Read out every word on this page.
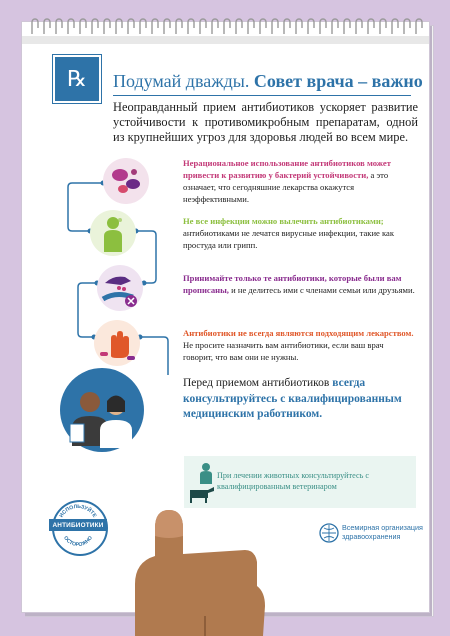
℞ Подумай дважды. Совет врача – важно
Неоправданный прием антибиотиков ускоряет развитие устойчивости к противомикробным препаратам, одной из крупнейших угроз для здоровья людей во всем мире.
Нерациональное использование антибиотиков может привести к развитию у бактерий устойчивости, а это означает, что сегодняшние лекарства окажутся неэффективными.
Не все инфекции можно вылечить антибиотиками; антибиотиками не лечатся вирусные инфекции, такие как простуда или грипп.
Принимайте только те антибиотики, которые были вам прописаны, и не делитесь ими с членами семьи или друзьями.
Антибиотики не всегда являются подходящим лекарством. Не просите назначить вам антибиотики, если ваш врач говорит, что вам они не нужны.
Перед приемом антибиотиков всегда консультируйтесь с квалифицированным медицинским работником.
При лечении животных консультируйтесь с квалифицированным ветеринаром
ИСПОЛЬЗУЙТЕ
ОСТОРОЖНО
АНТИБИОТИКИ	Всемирная организация здравоохранения
